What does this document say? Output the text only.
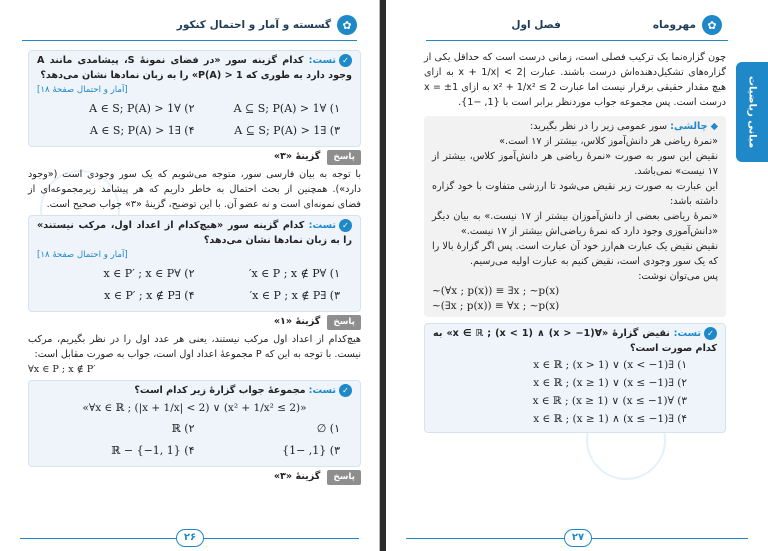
گسسته و آمار و احتمال کنکور	✿
✓تست: کدام گزینه سور «در فضای نمونهٔ S، پیشامدی مانند A وجود دارد به طوری که P(A) > 1» را به زبان نمادها نشان می‌دهد؟
[آمار و احتمال صفحهٔ ۱۸]
۱) ∀A ⊆ S; P(A) > 1
۲) ∀A ∈ S; P(A) > 1
۳) ∃A ⊆ S; P(A) > 1
۴) ∃A ∈ S; P(A) > 1
پاسخ گزینهٔ «۳»
با توجه به بیان فارسی سور، متوجه می‌شویم که یک سور وجودی است («وجود دارد»). همچنین از بحث احتمال به خاطر داریم که هر پیشامد زیرمجموعه‌ای از فضای نمونه‌ای است و نه عضو آن. با این توضیح، گزینهٔ «۳» جواب صحیح است.
✓تست: کدام گزینه سور «هیچ‌کدام از اعداد اول، مرکب نیستند» را به زبان نمادها نشان می‌دهد؟
[آمار و احتمال صفحهٔ ۱۸]
۱) ∀x ∈ P ; x ∉ P′
۲) ∀x ∈ P′ ; x ∈ P
۳) ∃x ∈ P ; x ∉ P′
۴) ∃x ∈ P′ ; x ∉ P
پاسخ گزینهٔ «۱»
هیچ‌کدام از اعداد اول مرکب نیستند، یعنی هر عدد اول را در نظر بگیریم، مرکب نیست. با توجه به این که P مجموعهٔ اعداد اول است، جواب به صورت مقابل است:
∀x ∈ P ; x ∉ P′
✓تست: مجموعهٔ جواب گزارهٔ زیر کدام است؟
«∀x ∈ ℝ ; (|x + 1/x| < 2) ∨ (x² + 1/x² ≤ 2)»
۱) ∅
۲) ℝ
۳) {1, −1}
۴) ℝ − {−1, 1}
پاسخ گزینهٔ «۳»
۲۶
فصل اول	مهروماه	✿
مبانی ریاضیات
چون گزاره‌نما یک ترکیب فصلی است، زمانی درست است که حداقل یکی از گزاره‌های تشکیل‌دهنده‌اش درست باشند. عبارت |x + 1/x| < 2 به ازای هیچ مقدار حقیقی برقرار نیست اما عبارت x² + 1/x² ≤ 2 به ازای x = ±1 درست است. پس مجموعه جواب موردنظر برابر است با {1, −1}.
◆ چالشی: سور عمومی زیر را در نظر بگیرید:
«نمرهٔ ریاضی هر دانش‌آموز کلاس، بیشتر از ۱۷ است.»
نقیض این سور به صورت «نمرهٔ ریاضی هر دانش‌آموز کلاس، بیشتر از ۱۷ نیست» نمی‌باشد.
این عبارت به صورت زیر نقیض می‌شود تا ارزشی متفاوت با خود گزاره داشته باشد:
«نمرهٔ ریاضی بعضی از دانش‌آموزان بیشتر از ۱۷ نیست.» به بیان دیگر «دانش‌آموزی وجود دارد که نمرهٔ ریاضی‌اش بیشتر از ۱۷ نیست.»
نقیض نقیض یک عبارت هم‌ارز خود آن عبارت است. پس اگر گزارهٔ بالا را که یک سور وجودی است، نقیض کنیم به عبارت اولیه می‌رسیم.
پس می‌توان نوشت:
∼(∀x ; p(x)) ≡ ∃x ; ∼p(x)
∼(∃x ; p(x)) ≡ ∀x ; ∼p(x)
✓تست: نقیض گزارهٔ «∀x ∈ ℝ ; (x < 1) ∧ (x > −1)» به کدام صورت است؟
۱) ∃x ∈ ℝ ; (x > 1) ∨ (x < −1)
۲) ∃x ∈ ℝ ; (x ≥ 1) ∨ (x ≤ −1)
۳) ∀x ∈ ℝ ; (x ≥ 1) ∨ (x ≤ −1)
۴) ∃x ∈ ℝ ; (x ≥ 1) ∧ (x ≤ −1)
۲۷
